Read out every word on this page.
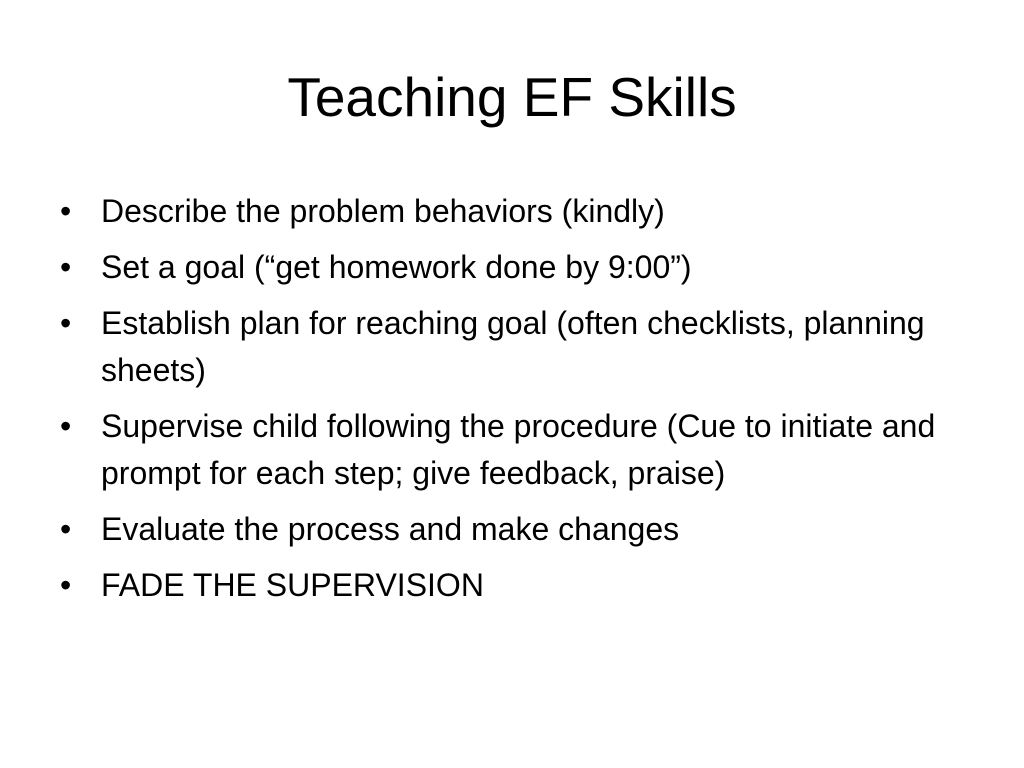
Teaching EF Skills
• Describe the problem behaviors (kindly)
• Set a goal (“get homework done by 9:00”)
• Establish plan for reaching goal (often checklists, planning sheets)
• Supervise child following the procedure (Cue to initiate and prompt for each step; give feedback, praise)
• Evaluate the process and make changes
• FADE THE SUPERVISION
